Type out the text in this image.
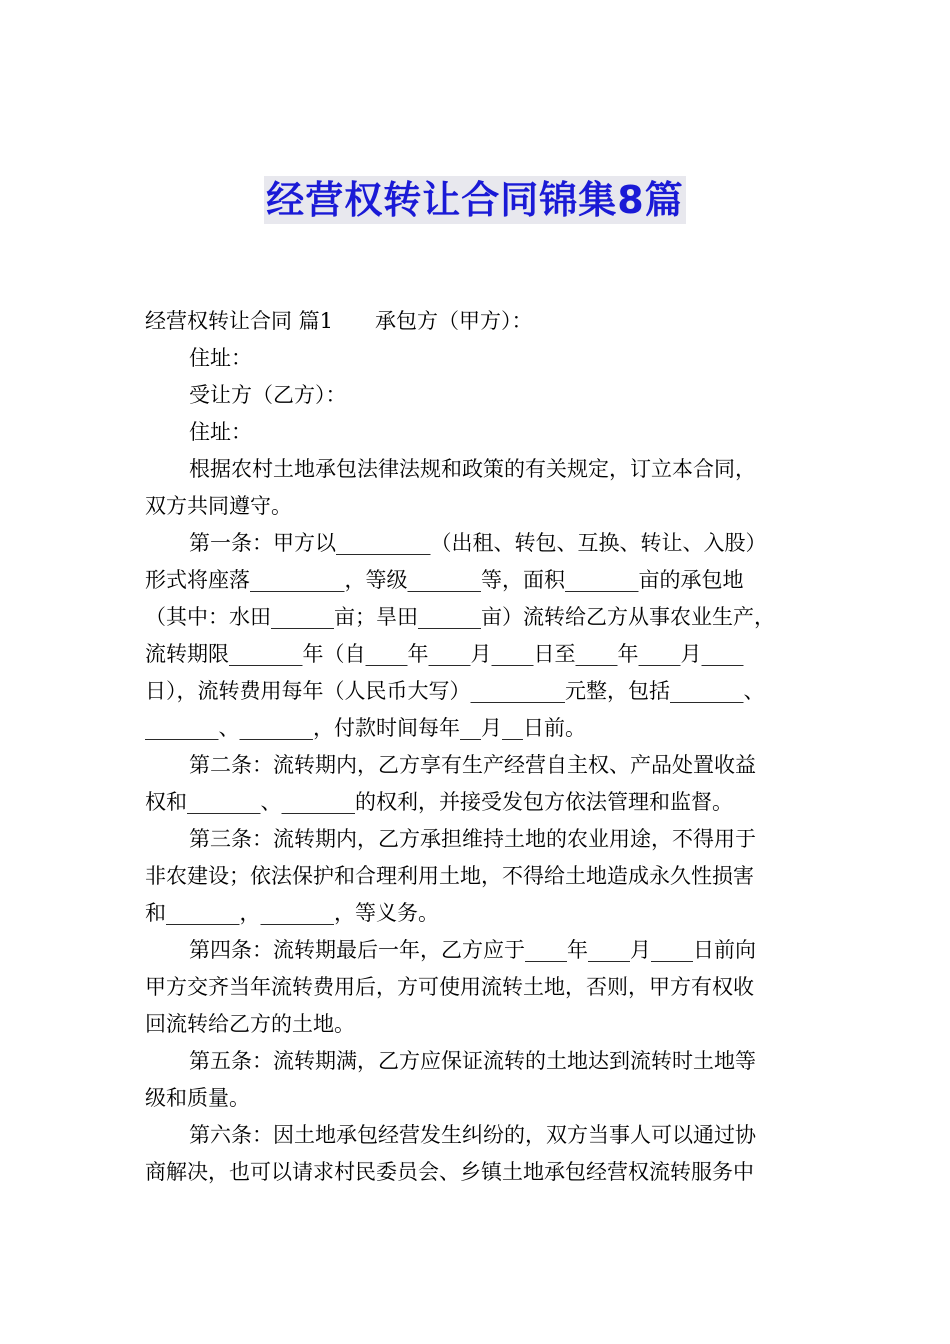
经营权转让合同锦集8篇
经营权转让合同 篇1 承包方（甲方）：
住址：
受让方（乙方）：
住址：
根据农村土地承包法律法规和政策的有关规定，订立本合同，
双方共同遵守。
第一条：甲方以_________（出租、转包、互换、转让、入股）
形式将座落_________，等级_______等，面积_______亩的承包地
（其中：水田______亩；旱田______亩）流转给乙方从事农业生产，
流转期限_______年（自____年____月____日至____年____月____
日），流转费用每年（人民币大写）_________元整，包括_______、
_______、_______，付款时间每年__月__日前。
第二条：流转期内，乙方享有生产经营自主权、产品处置收益
权和_______、_______的权利，并接受发包方依法管理和监督。
第三条：流转期内，乙方承担维持土地的农业用途，不得用于
非农建设；依法保护和合理利用土地，不得给土地造成永久性损害
和_______，_______，等义务。
第四条：流转期最后一年，乙方应于____年____月____日前向
甲方交齐当年流转费用后，方可使用流转土地，否则，甲方有权收
回流转给乙方的土地。
第五条：流转期满，乙方应保证流转的土地达到流转时土地等
级和质量。
第六条：因土地承包经营发生纠纷的，双方当事人可以通过协
商解决，也可以请求村民委员会、乡镇土地承包经营权流转服务中
